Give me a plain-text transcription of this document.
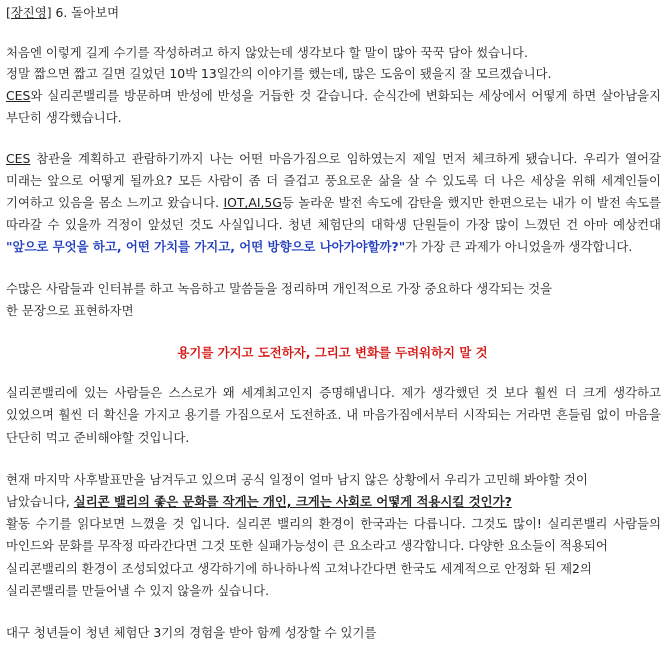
[장진영] 6. 돌아보며
처음엔 이렇게 길게 수기를 작성하려고 하지 않았는데 생각보다 할 말이 많아 꾹꾹 담아 썼습니다.
정말 짧으면 짧고 길면 길었던 10박 13일간의 이야기를 했는데, 많은 도움이 됐을지 잘 모르겠습니다.
CES와 실리콘밸리를 방문하며 반성에 반성을 거듭한 것 같습니다. 순식간에 변화되는 세상에서 어떻게 하면 살아남을지
부단히 생각했습니다.
CES 참관을 계획하고 관람하기까지 나는 어떤 마음가짐으로 임하였는지 제일 먼저 체크하게 됐습니다. 우리가 열어갈
미래는 앞으로 어떻게 될까요? 모든 사람이 좀 더 즐겁고 풍요로운 삶을 살 수 있도록 더 나은 세상을 위해 세계인들이
기여하고 있음을 몸소 느끼고 왔습니다. IOT,AI,5G등 놀라운 발전 속도에 감탄을 했지만 한편으로는 내가 이 발전 속도를
따라갈 수 있을까 걱정이 앞섰던 것도 사실입니다. 청년 체험단의 대학생 단원들이 가장 많이 느꼈던 건 아마 예상컨대
"앞으로 무엇을 하고, 어떤 가치를 가지고, 어떤 방향으로 나아가야할까?"가 가장 큰 과제가 아니었을까 생각합니다.
수많은 사람들과 인터뷰를 하고 녹음하고 말씀들을 정리하며 개인적으로 가장 중요하다 생각되는 것을
한 문장으로 표현하자면
용기를 가지고 도전하자, 그리고 변화를 두려워하지 말 것
실리콘밸리에 있는 사람들은 스스로가 왜 세계최고인지 증명해냅니다. 제가 생각했던 것 보다 훨씬 더 크게 생각하고
있었으며 훨씬 더 확신을 가지고 용기를 가짐으로서 도전하죠. 내 마음가짐에서부터 시작되는 거라면 흔들림 없이 마음을
단단히 먹고 준비해야할 것입니다.
현재 마지막 사후발표만을 남겨두고 있으며 공식 일정이 얼마 남지 않은 상황에서 우리가 고민해 봐야할 것이
남았습니다, 실리콘 밸리의 좋은 문화를 작게는 개인, 크게는 사회로 어떻게 적용시킬 것인가?
활동 수기를 읽다보면 느꼈을 것 입니다. 실리콘 밸리의 환경이 한국과는 다릅니다. 그것도 많이! 실리콘밸리 사람들의
마인드와 문화를 무작정 따라간다면 그것 또한 실패가능성이 큰 요소라고 생각합니다. 다양한 요소들이 적용되어
실리콘밸리의 환경이 조성되었다고 생각하기에 하나하나씩 고쳐나간다면 한국도 세계적으로 안정화 된 제2의
실리콘밸리를 만들어낼 수 있지 않을까 싶습니다.
대구 청년들이 청년 체험단 3기의 경험을 받아 함께 성장할 수 있기를
